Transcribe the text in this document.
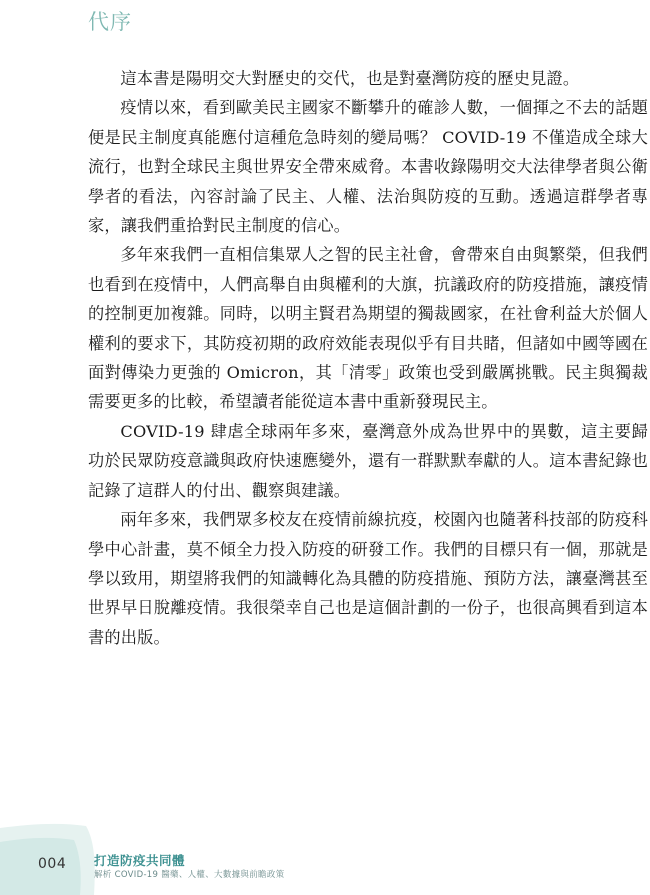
代序

這本書是陽明交大對歷史的交代，也是對臺灣防疫的歷史見證。

疫情以來，看到歐美民主國家不斷攀升的確診人數，一個揮之不去的話題便是民主制度真能應付這種危急時刻的變局嗎？ COVID-19 不僅造成全球大流行，也對全球民主與世界安全帶來威脅。本書收錄陽明交大法律學者與公衛學者的看法，內容討論了民主、人權、法治與防疫的互動。透過這群學者專家，讓我們重拾對民主制度的信心。

多年來我們一直相信集眾人之智的民主社會，會帶來自由與繁榮，但我們也看到在疫情中，人們高舉自由與權利的大旗，抗議政府的防疫措施，讓疫情的控制更加複雜。同時，以明主賢君為期望的獨裁國家，在社會利益大於個人權利的要求下，其防疫初期的政府效能表現似乎有目共睹，但諸如中國等國在面對傳染力更強的 Omicron，其「清零」政策也受到嚴厲挑戰。民主與獨裁需要更多的比較，希望讀者能從這本書中重新發現民主。

COVID-19 肆虐全球兩年多來，臺灣意外成為世界中的異數，這主要歸功於民眾防疫意識與政府快速應變外，還有一群默默奉獻的人。這本書紀錄也記錄了這群人的付出、觀察與建議。

兩年多來，我們眾多校友在疫情前線抗疫，校園內也隨著科技部的防疫科學中心計畫，莫不傾全力投入防疫的研發工作。我們的目標只有一個，那就是學以致用，期望將我們的知識轉化為具體的防疫措施、預防方法，讓臺灣甚至世界早日脫離疫情。我很榮幸自己也是這個計劃的一份子，也很高興看到這本書的出版。

004 打造防疫共同體
解析 COVID-19 醫藥、人權、大數據與前瞻政策
